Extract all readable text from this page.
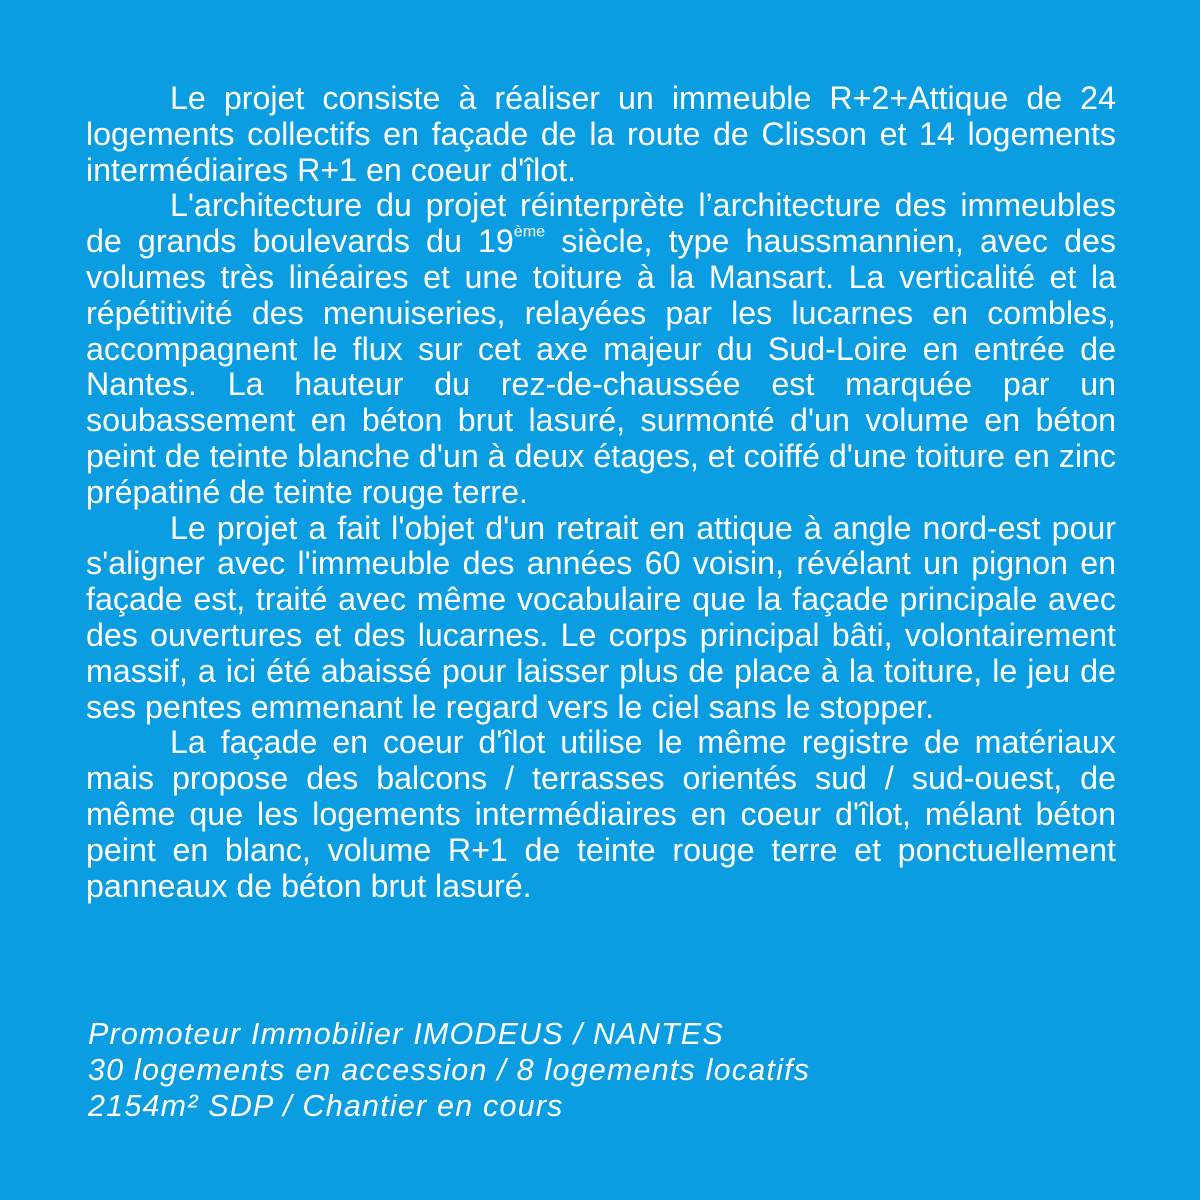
Le projet consiste à réaliser un immeuble R+2+Attique de 24 logements collectifs en façade de la route de Clisson et 14 logements intermédiaires R+1 en coeur d'îlot.

L'architecture du projet réinterprète l’architecture des immeubles de grands boulevards du 19ème siècle, type haussmannien, avec des volumes très linéaires et une toiture à la Mansart. La verticalité et la répétitivité des menuiseries, relayées par les lucarnes en combles, accompagnent le flux sur cet axe majeur du Sud-Loire en entrée de Nantes. La hauteur du rez-de-chaussée est marquée par un soubassement en béton brut lasuré, surmonté d'un volume en béton peint de teinte blanche d'un à deux étages, et coiffé d'une toiture en zinc prépatiné de teinte rouge terre.

Le projet a fait l'objet d'un retrait en attique à angle nord-est pour s'aligner avec l'immeuble des années 60 voisin, révélant un pignon en façade est, traité avec même vocabulaire que la façade principale avec des ouvertures et des lucarnes. Le corps principal bâti, volontairement massif, a ici été abaissé pour laisser plus de place à la toiture, le jeu de ses pentes emmenant le regard vers le ciel sans le stopper.

La façade en coeur d'îlot utilise le même registre de matériaux mais propose des balcons / terrasses orientés sud / sud-ouest, de même que les logements intermédiaires en coeur d'îlot, mélant béton peint en blanc, volume R+1 de teinte rouge terre et ponctuellement panneaux de béton brut lasuré.

Promoteur Immobilier IMODEUS / NANTES
30 logements en accession / 8 logements locatifs
2154m² SDP / Chantier en cours
